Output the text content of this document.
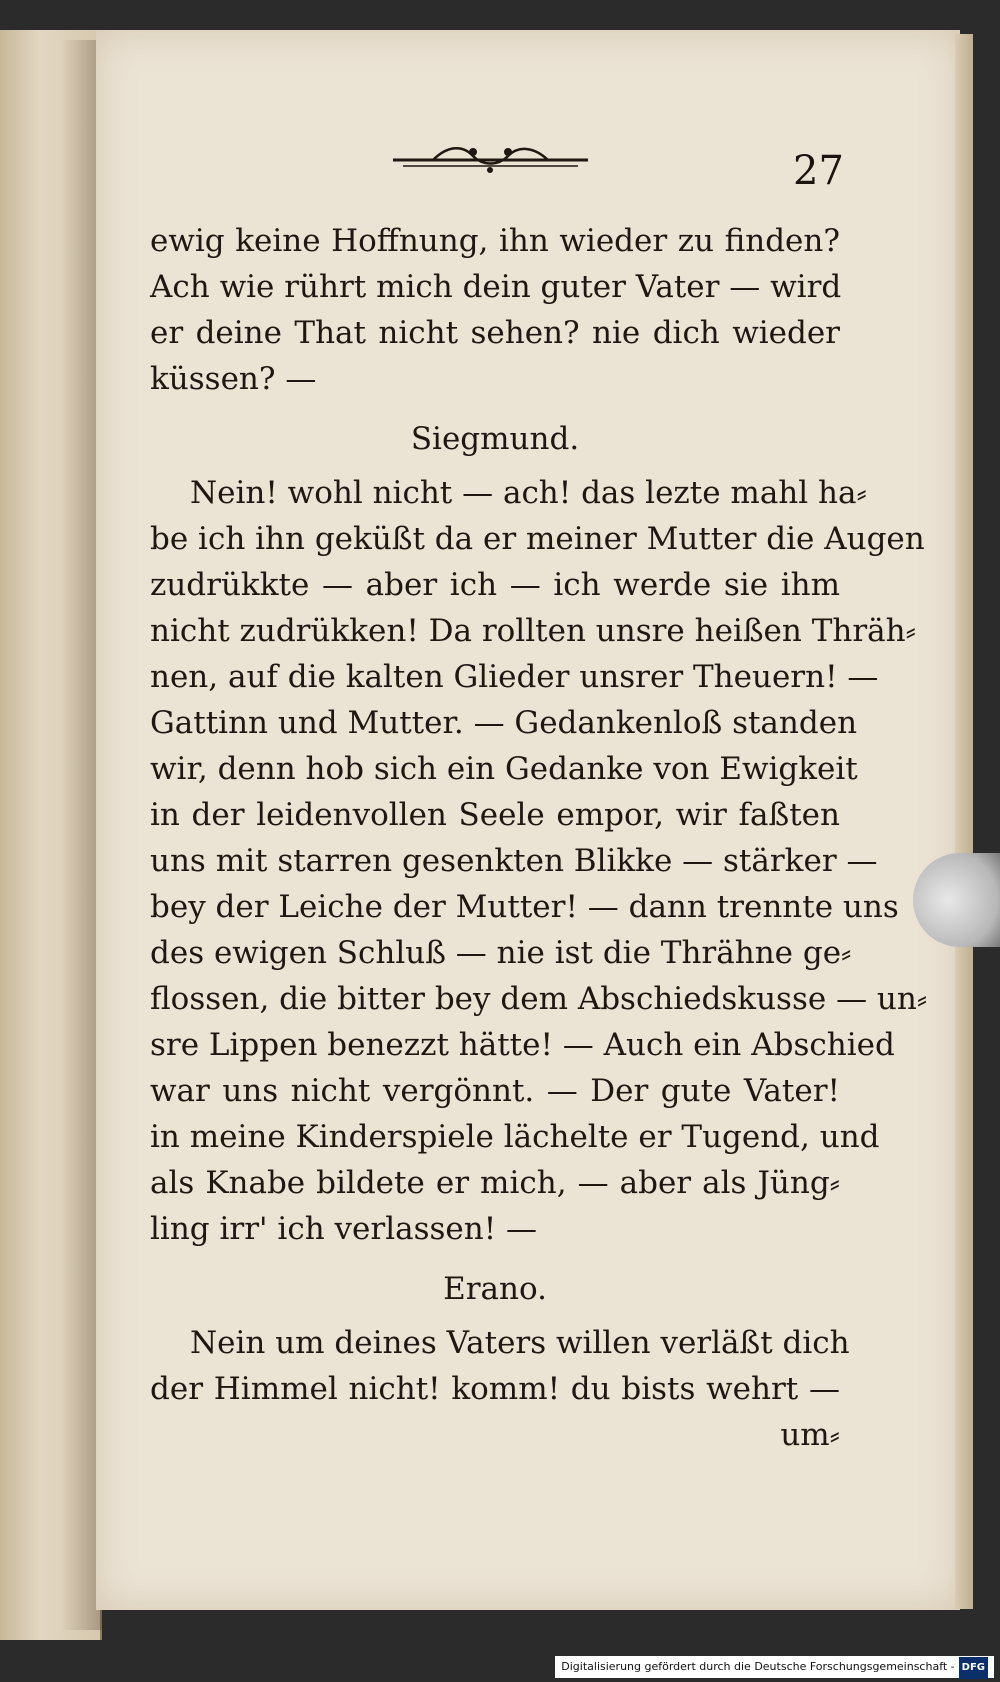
27
ewig keine Hoffnung, ihn wieder zu finden?
Ach wie rührt mich dein guter Vater — wird
er deine That nicht sehen? nie dich wieder
küssen? —
Siegmund.
Nein! wohl nicht — ach! das lezte mahl ha⸗
be ich ihn geküßt da er meiner Mutter die Augen
zudrükkte — aber ich — ich werde sie ihm
nicht zudrükken! Da rollten unsre heißen Thräh⸗
nen, auf die kalten Glieder unsrer Theuern! —
Gattinn und Mutter. — Gedankenloß standen
wir, denn hob sich ein Gedanke von Ewigkeit
in der leidenvollen Seele empor, wir faßten
uns mit starren gesenkten Blikke — stärker —
bey der Leiche der Mutter! — dann trennte uns
des ewigen Schluß — nie ist die Thrähne ge⸗
flossen, die bitter bey dem Abschiedskusse — un⸗
sre Lippen benezzt hätte! — Auch ein Abschied
war uns nicht vergönnt. — Der gute Vater!
in meine Kinderspiele lächelte er Tugend, und
als Knabe bildete er mich, — aber als Jüng⸗
ling irr' ich verlassen! —
Erano.
Nein um deines Vaters willen verläßt dich
der Himmel nicht! komm! du bists wehrt —
um⸗
Digitalisierung gefördert durch die Deutsche Forschungsgemeinschaft - DFG
